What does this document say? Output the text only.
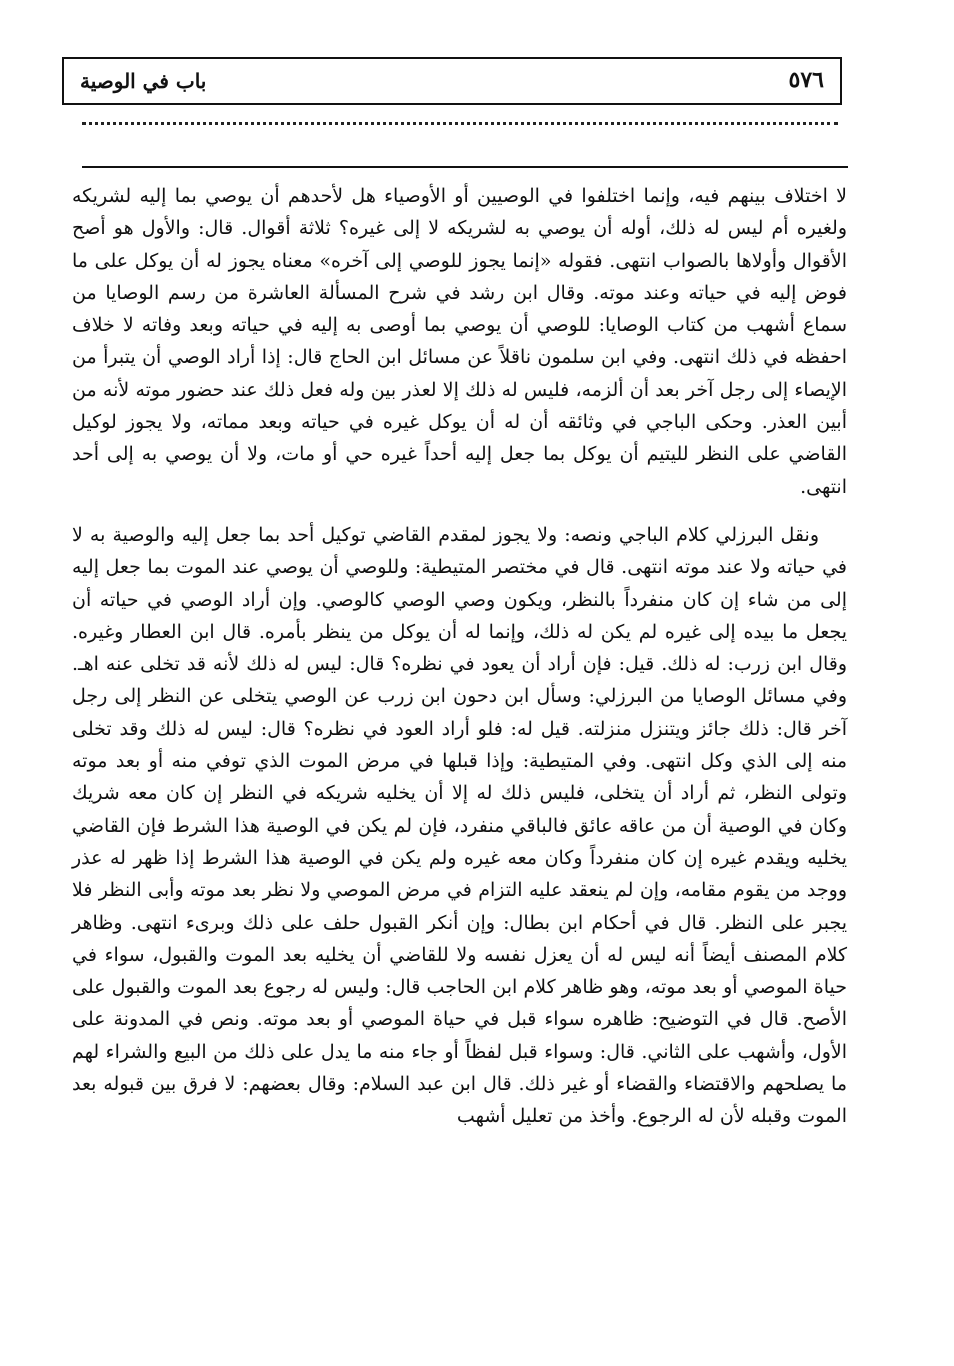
باب في الوصية	٥٧٦

لا اختلاف بينهم فيه، وإنما اختلفوا في الوصيين أو الأوصياء هل لأحدهم أن يوصي بما إليه لشريكه ولغيره أم ليس له ذلك، أوله أن يوصي به لشريكه لا إلى غيره؟ ثلاثة أقوال. قال: والأول هو أصح الأقوال وأولاها بالصواب انتهى. فقوله «إنما يجوز للوصي إلى آخره» معناه يجوز له أن يوكل على ما فوض إليه في حياته وعند موته. وقال ابن رشد في شرح المسألة العاشرة من رسم الوصايا من سماع أشهب من كتاب الوصايا: للوصي أن يوصي بما أوصى به إليه في حياته وبعد وفاته لا خلاف احفظه في ذلك انتهى. وفي ابن سلمون ناقلاً عن مسائل ابن الحاج قال: إذا أراد الوصي أن يتبرأ من الإيصاء إلى رجل آخر بعد أن ألزمه، فليس له ذلك إلا لعذر بين وله فعل ذلك عند حضور موته لأنه من أبين العذر. وحكى الباجي في وثائقه أن له أن يوكل غيره في حياته وبعد مماته، ولا يجوز لوكيل القاضي على النظر لليتيم أن يوكل بما جعل إليه أحداً غيره حي أو مات، ولا أن يوصي به إلى أحد انتهى.

ونقل البرزلي كلام الباجي ونصه: ولا يجوز لمقدم القاضي توكيل أحد بما جعل إليه والوصية به لا في حياته ولا عند موته انتهى. قال في مختصر المتيطية: وللوصي أن يوصي عند الموت بما جعل إليه إلى من شاء إن كان منفرداً بالنظر، ويكون وصي الوصي كالوصي. وإن أراد الوصي في حياته أن يجعل ما بيده إلى غيره لم يكن له ذلك، وإنما له أن يوكل من ينظر بأمره. قال ابن العطار وغيره. وقال ابن زرب: له ذلك. قيل: فإن أراد أن يعود في نظره؟ قال: ليس له ذلك لأنه قد تخلى عنه اهـ. وفي مسائل الوصايا من البرزلي: وسأل ابن دحون ابن زرب عن الوصي يتخلى عن النظر إلى رجل آخر قال: ذلك جائز ويتنزل منزلته. قيل له: فلو أراد العود في نظره؟ قال: ليس له ذلك وقد تخلى منه إلى الذي وكل انتهى. وفي المتيطية: وإذا قبلها في مرض الموت الذي توفي منه أو بعد موته وتولى النظر، ثم أراد أن يتخلى، فليس ذلك له إلا أن يخليه شريكه في النظر إن كان معه شريك وكان في الوصية أن من عاقه عائق فالباقي منفرد، فإن لم يكن في الوصية هذا الشرط فإن القاضي يخليه ويقدم غيره إن كان منفرداً وكان معه غيره ولم يكن في الوصية هذا الشرط إذا ظهر له عذر ووجد من يقوم مقامه، وإن لم ينعقد عليه التزام في مرض الموصي ولا نظر بعد موته وأبى النظر فلا يجبر على النظر. قال في أحكام ابن بطال: وإن أنكر القبول حلف على ذلك وبرىء انتهى. وظاهر كلام المصنف أيضاً أنه ليس له أن يعزل نفسه ولا للقاضي أن يخليه بعد الموت والقبول، سواء في حياة الموصي أو بعد موته، وهو ظاهر كلام ابن الحاجب قال: وليس له رجوع بعد الموت والقبول على الأصح. قال في التوضيح: ظاهره سواء قبل في حياة الموصي أو بعد موته. ونص في المدونة على الأول، وأشهب على الثاني. قال: وسواء قبل لفظاً أو جاء منه ما يدل على ذلك من البيع والشراء لهم ما يصلحهم والاقتضاء والقضاء أو غير ذلك. قال ابن عبد السلام: وقال بعضهم: لا فرق بين قبوله بعد الموت وقبله لأن له الرجوع. وأخذ من تعليل أشهب
